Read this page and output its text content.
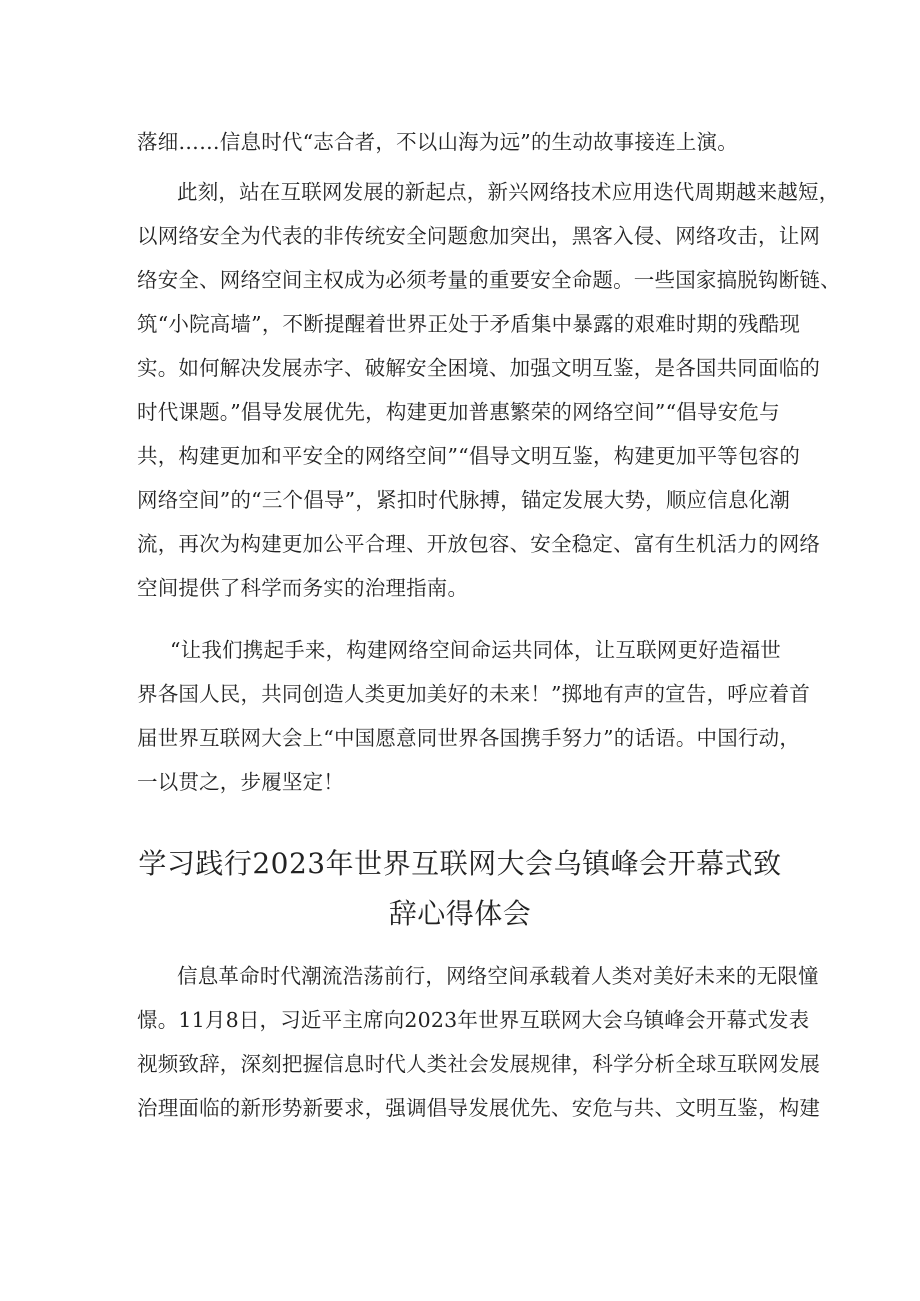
落细……信息时代“志合者，不以山海为远”的生动故事接连上演。
此刻，站在互联网发展的新起点，新兴网络技术应用迭代周期越来越短，
以网络安全为代表的非传统安全问题愈加突出，黑客入侵、网络攻击，让网
络安全、网络空间主权成为必须考量的重要安全命题。一些国家搞脱钩断链、
筑“小院高墙”，不断提醒着世界正处于矛盾集中暴露的艰难时期的残酷现
实。如何解决发展赤字、破解安全困境、加强文明互鉴，是各国共同面临的
时代课题。”倡导发展优先，构建更加普惠繁荣的网络空间”“倡导安危与
共，构建更加和平安全的网络空间”“倡导文明互鉴，构建更加平等包容的
网络空间”的“三个倡导”，紧扣时代脉搏，锚定发展大势，顺应信息化潮
流，再次为构建更加公平合理、开放包容、安全稳定、富有生机活力的网络
空间提供了科学而务实的治理指南。
“让我们携起手来，构建网络空间命运共同体，让互联网更好造福世
界各国人民，共同创造人类更加美好的未来！”掷地有声的宣告，呼应着首
届世界互联网大会上“中国愿意同世界各国携手努力”的话语。中国行动，
一以贯之，步履坚定！
学习践行2023年世界互联网大会乌镇峰会开幕式致
辞心得体会
信息革命时代潮流浩荡前行，网络空间承载着人类对美好未来的无限憧
憬。11月8日，习近平主席向2023年世界互联网大会乌镇峰会开幕式发表
视频致辞，深刻把握信息时代人类社会发展规律，科学分析全球互联网发展
治理面临的新形势新要求，强调倡导发展优先、安危与共、文明互鉴，构建
